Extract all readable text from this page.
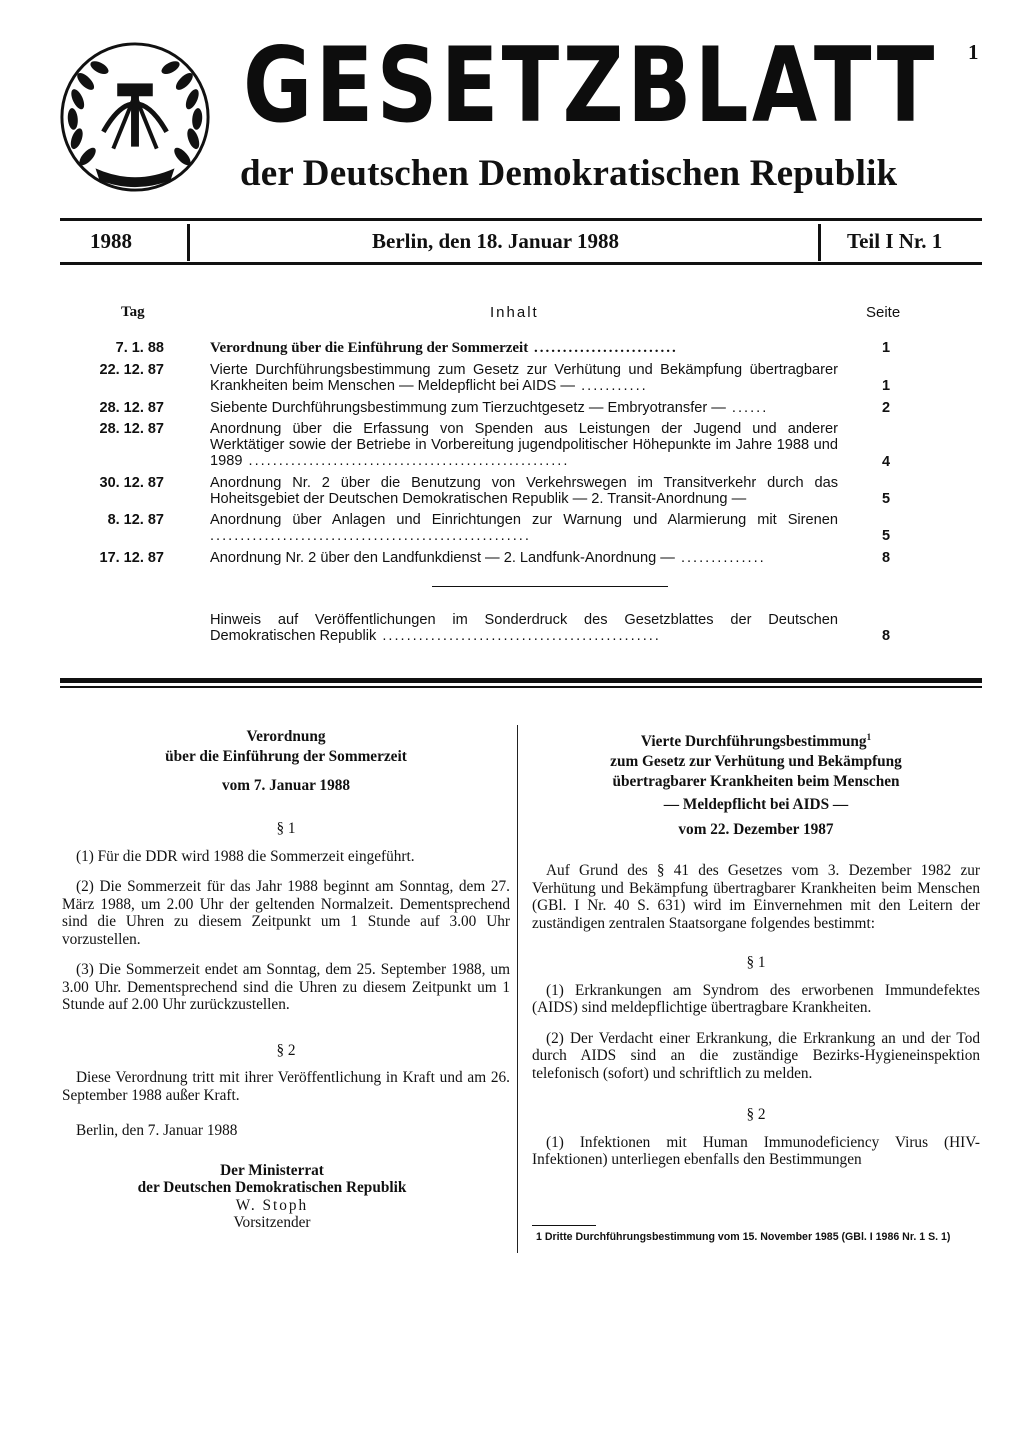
GESETZBLATT 1
der Deutschen Demokratischen Republik
1988	Berlin, den 18. Januar 1988	Teil I Nr. 1
Tag	Inhalt	Seite
7. 1. 88	Verordnung über die Einführung der Sommerzeit .........................	1
22. 12. 87	Vierte Durchführungsbestimmung zum Gesetz zur Verhütung und Bekämpfung übertragbarer Krankheiten beim Menschen — Meldepflicht bei AIDS — ...........	1
28. 12. 87	Siebente Durchführungsbestimmung zum Tierzuchtgesetz — Embryotransfer — ......	2
28. 12. 87	Anordnung über die Erfassung von Spenden aus Leistungen der Jugend und anderer Werktätiger sowie der Betriebe in Vorbereitung jugendpolitischer Höhepunkte im Jahre 1988 und 1989 .....................................................	4
30. 12. 87	Anordnung Nr. 2 über die Benutzung von Verkehrswegen im Transitverkehr durch das Hoheitsgebiet der Deutschen Demokratischen Republik — 2. Transit-Anordnung —	5
8. 12. 87	Anordnung über Anlagen und Einrichtungen zur Warnung und Alarmierung mit Sirenen .....................................................	5
17. 12. 87	Anordnung Nr. 2 über den Landfunkdienst — 2. Landfunk-Anordnung — ..............	8
Hinweis auf Veröffentlichungen im Sonderdruck des Gesetzblattes der Deutschen Demokratischen Republik ..............................................	8
Verordnung
über die Einführung der Sommerzeit
vom 7. Januar 1988
§ 1
(1) Für die DDR wird 1988 die Sommerzeit eingeführt.
(2) Die Sommerzeit für das Jahr 1988 beginnt am Sonntag, dem 27. März 1988, um 2.00 Uhr der geltenden Normalzeit. Dementsprechend sind die Uhren zu diesem Zeitpunkt um 1 Stunde auf 3.00 Uhr vorzustellen.
(3) Die Sommerzeit endet am Sonntag, dem 25. September 1988, um 3.00 Uhr. Dementsprechend sind die Uhren zu diesem Zeitpunkt um 1 Stunde auf 2.00 Uhr zurückzustellen.
§ 2
Diese Verordnung tritt mit ihrer Veröffentlichung in Kraft und am 26. September 1988 außer Kraft.
Berlin, den 7. Januar 1988
Der Ministerrat
der Deutschen Demokratischen Republik
W. Stoph
Vorsitzender
Vierte Durchführungsbestimmung$^1$
zum Gesetz zur Verhütung und Bekämpfung
übertragbarer Krankheiten beim Menschen
— Meldepflicht bei AIDS —
vom 22. Dezember 1987
Auf Grund des § 41 des Gesetzes vom 3. Dezember 1982 zur Verhütung und Bekämpfung übertragbarer Krankheiten beim Menschen (GBl. I Nr. 40 S. 631) wird im Einvernehmen mit den Leitern der zuständigen zentralen Staatsorgane folgendes bestimmt:
§ 1
(1) Erkrankungen am Syndrom des erworbenen Immundefektes (AIDS) sind meldepflichtige übertragbare Krankheiten.
(2) Der Verdacht einer Erkrankung, die Erkrankung an und der Tod durch AIDS sind an die zuständige Bezirks-Hygieneinspektion telefonisch (sofort) und schriftlich zu melden.
§ 2
(1) Infektionen mit Human Immunodeficiency Virus (HIV-Infektionen) unterliegen ebenfalls den Bestimmungen
1 Dritte Durchführungsbestimmung vom 15. November 1985 (GBl. I 1986 Nr. 1 S. 1)
